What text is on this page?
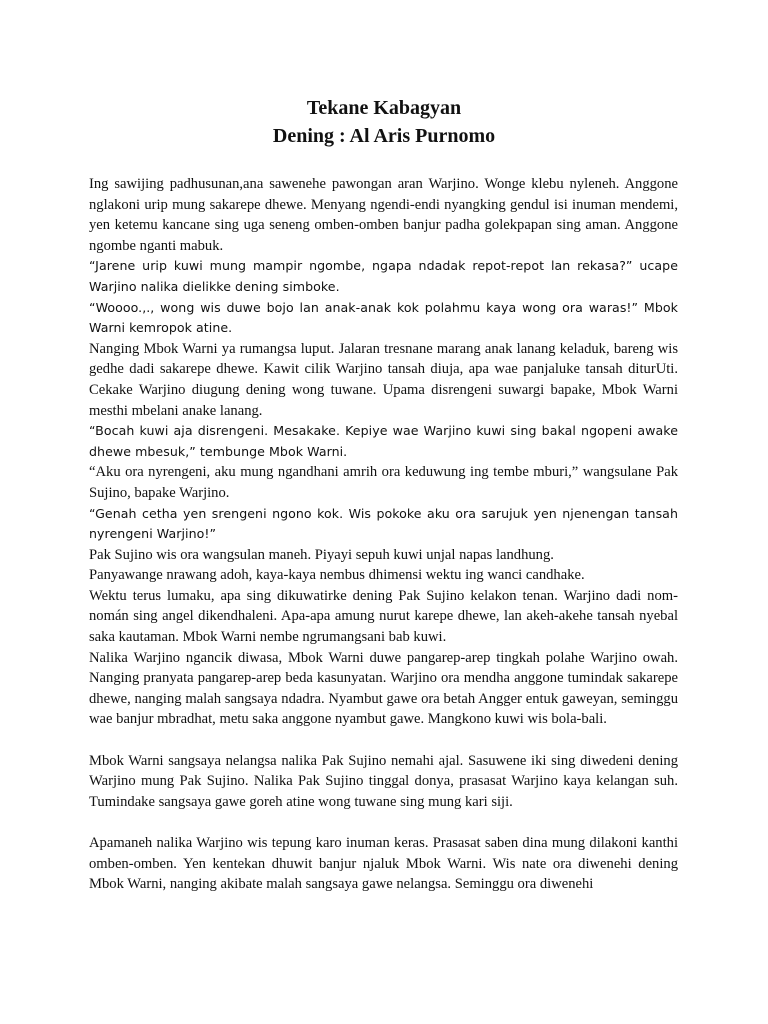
Tekane Kabagyan
Dening : Al Aris Purnomo

Ing sawijing padhusunan,ana sawenehe pawongan aran Warjino. Wonge klebu nyleneh. Anggone nglakoni urip mung sakarepe dhewe. Menyang ngendi-endi nyangking gendul isi inuman mendemi, yen ketemu kancane sing uga seneng omben-omben banjur padha golekpapan sing aman. Anggone ngombe nganti mabuk.

“Jarene urip kuwi mung mampir ngombe, ngapa ndadak repot-repot lan rekasa?” ucape Warjino nalika dielikke dening simboke.

“Woooo.,., wong wis duwe bojo lan anak-anak kok polahmu kaya wong ora waras!” Mbok Warni kemropok atine.

Nanging Mbok Warni ya rumangsa luput. Jalaran tresnane marang anak lanang keladuk, bareng wis gedhe dadi sakarepe dhewe. Kawit cilik Warjino tansah diuja, apa wae panjaluke tansah diturUti. Cekake Warjino diugung dening wong tuwane. Upama disrengeni suwargi bapake, Mbok Warni mesthi mbelani anake lanang.

“Bocah kuwi aja disrengeni. Mesakake. Kepiye wae Warjino kuwi sing bakal ngopeni awake dhewe mbesuk,” tembunge Mbok Warni.

“Aku ora nyrengeni, aku mung ngandhani amrih ora keduwung ing tembe mburi,” wangsulane Pak Sujino, bapake Warjino.

“Genah cetha yen srengeni ngono kok. Wis pokoke aku ora sarujuk yen njenengan tansah nyrengeni Warjino!”

Pak Sujino wis ora wangsulan maneh. Piyayi sepuh kuwi unjal napas landhung.

Panyawange nrawang adoh, kaya-kaya nembus dhimensi wektu ing wanci candhake.

Wektu terus lumaku, apa sing dikuwatirke dening Pak Sujino kelakon tenan. Warjino dadi nom-nomán sing angel dikendhaleni. Apa-apa amung nurut karepe dhewe, lan akeh-akehe tansah nyebal saka kautaman. Mbok Warni nembe ngrumangsani bab kuwi.

Nalika Warjino ngancik diwasa, Mbok Warni duwe pangarep-arep tingkah polahe Warjino owah. Nanging pranyata pangarep-arep beda kasunyatan. Warjino ora mendha anggone tumindak sakarepe dhewe, nanging malah sangsaya ndadra. Nyambut gawe ora betah Angger entuk gaweyan, seminggu wae banjur mbradhat, metu saka anggone nyambut gawe. Mangkono kuwi wis bola-bali.

Mbok Warni sangsaya nelangsa nalika Pak Sujino nemahi ajal. Sasuwene iki sing diwedeni dening Warjino mung Pak Sujino. Nalika Pak Sujino tinggal donya, prasasat Warjino kaya kelangan suh. Tumindake sangsaya gawe goreh atine wong tuwane sing mung kari siji.

Apamaneh nalika Warjino wis tepung karo inuman keras. Prasasat saben dina mung dilakoni kanthi omben-omben. Yen kentekan dhuwit banjur njaluk Mbok Warni. Wis nate ora diwenehi dening Mbok Warni, nanging akibate malah sangsaya gawe nelangsa. Seminggu ora diwenehi
